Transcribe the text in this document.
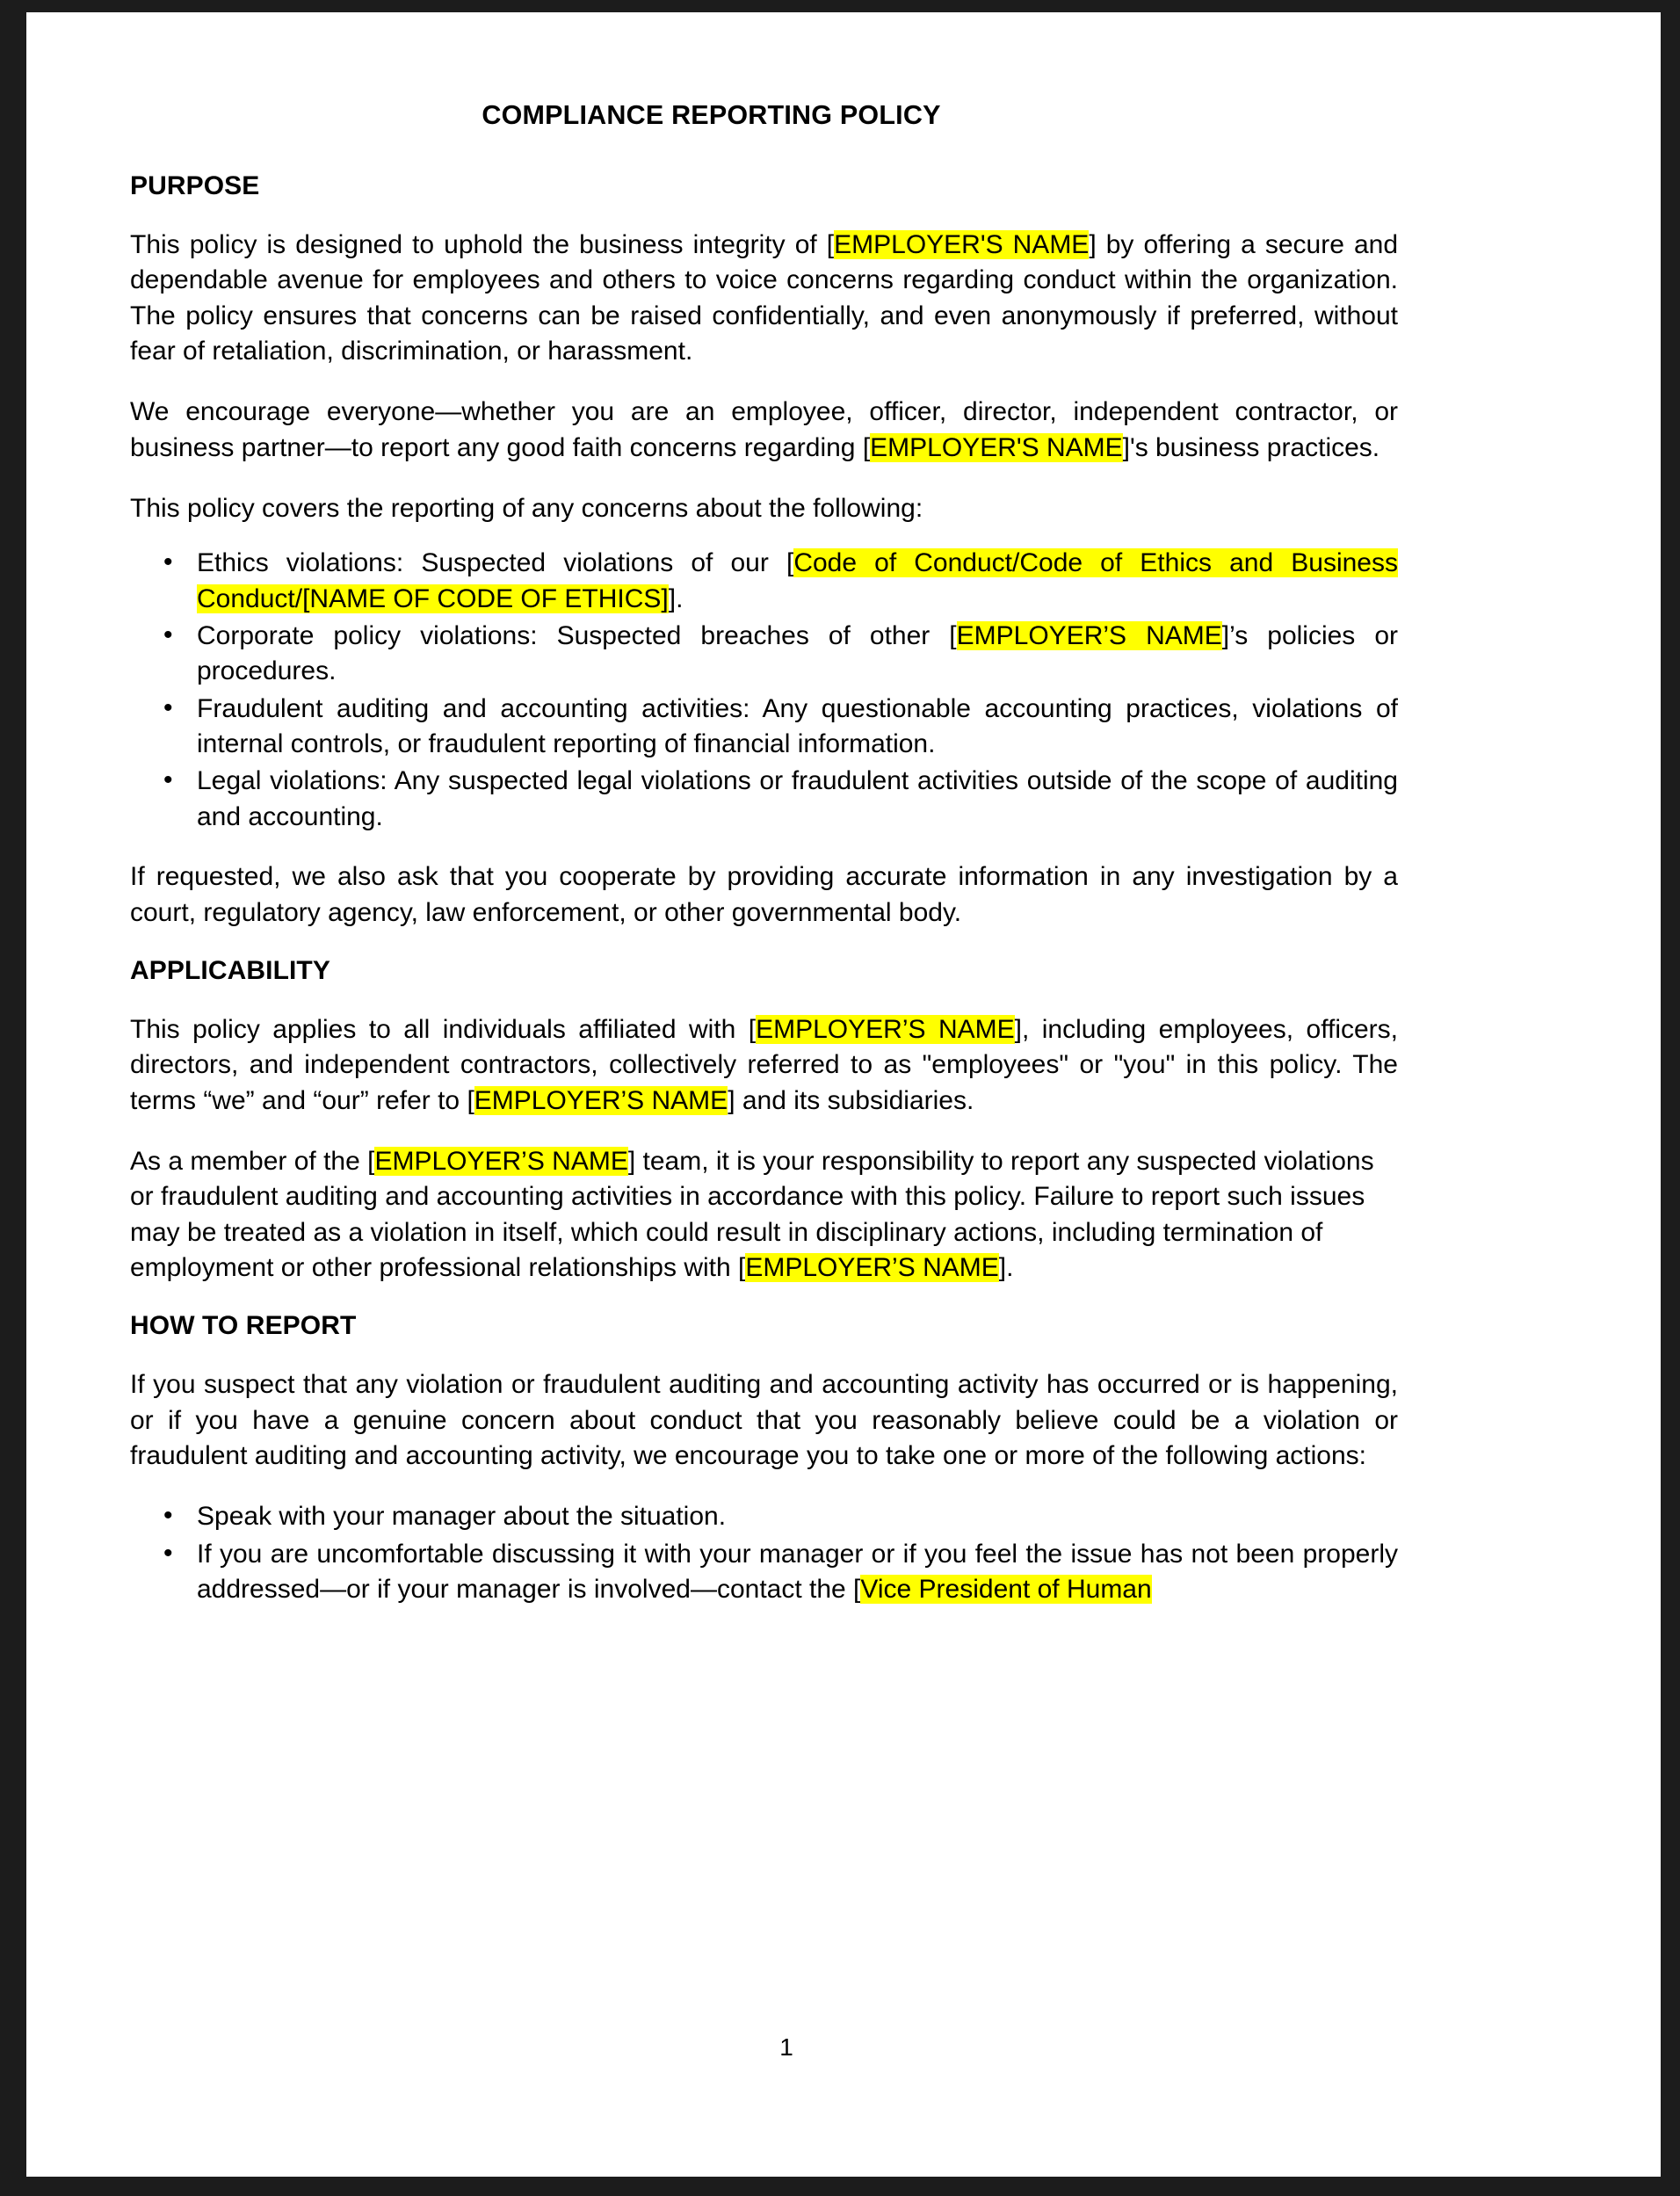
COMPLIANCE REPORTING POLICY
PURPOSE

This policy is designed to uphold the business integrity of [EMPLOYER'S NAME] by offering a secure and dependable avenue for employees and others to voice concerns regarding conduct within the organization. The policy ensures that concerns can be raised confidentially, and even anonymously if preferred, without fear of retaliation, discrimination, or harassment.

We encourage everyone—whether you are an employee, officer, director, independent contractor, or business partner—to report any good faith concerns regarding [EMPLOYER'S NAME]'s business practices.

This policy covers the reporting of any concerns about the following:

• Ethics violations: Suspected violations of our [Code of Conduct/Code of Ethics and Business Conduct/[NAME OF CODE OF ETHICS]].
• Corporate policy violations: Suspected breaches of other [EMPLOYER’S NAME]’s policies or procedures.
• Fraudulent auditing and accounting activities: Any questionable accounting practices, violations of internal controls, or fraudulent reporting of financial information.
• Legal violations: Any suspected legal violations or fraudulent activities outside of the scope of auditing and accounting.

If requested, we also ask that you cooperate by providing accurate information in any investigation by a court, regulatory agency, law enforcement, or other governmental body.

APPLICABILITY

This policy applies to all individuals affiliated with [EMPLOYER’S NAME], including employees, officers, directors, and independent contractors, collectively referred to as "employees" or "you" in this policy. The terms “we” and “our” refer to [EMPLOYER’S NAME] and its subsidiaries.

As a member of the [EMPLOYER’S NAME] team, it is your responsibility to report any suspected violations or fraudulent auditing and accounting activities in accordance with this policy. Failure to report such issues may be treated as a violation in itself, which could result in disciplinary actions, including termination of employment or other professional relationships with [EMPLOYER’S NAME].

HOW TO REPORT

If you suspect that any violation or fraudulent auditing and accounting activity has occurred or is happening, or if you have a genuine concern about conduct that you reasonably believe could be a violation or fraudulent auditing and accounting activity, we encourage you to take one or more of the following actions:

• Speak with your manager about the situation.
• If you are uncomfortable discussing it with your manager or if you feel the issue has not been properly addressed—or if your manager is involved—contact the [Vice President of Human
1
